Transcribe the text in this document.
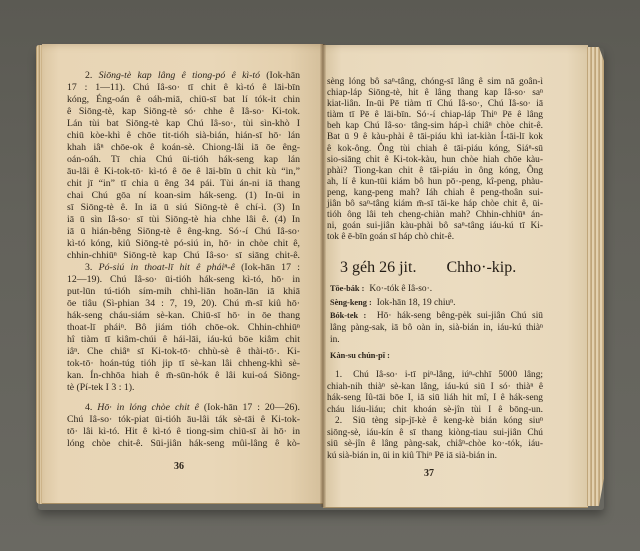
2. Siōng-tè kap lâng ê tiong-pó ê kì-tó (Iok-hān
17 : 1—11). Chú Iâ-so· tī chit ê kì-tó ê lāi-bīn
kóng, Éng-oán ê oáh-miā, chiū-sī bat lí tók-it chin
ê Siōng-tè, kap Siōng-tè só· chhe ê Iâ-so· Ki-tok.
Lán tùi bat Siōng-tè kap Chú Iâ-so·, tùi sìn-khò I
chiū kòe-khì ê chōe tit-tióh sià-bián, hián-sī hō· lán
khah iâⁿ chōe-ok ê koán-sè. Chiong-lâi iā ōe êng-
oán-oáh. Tī chia Chú ūi-tióh hák-seng kap lán
āu-lâi ê Ki-tok-tō· kì-tó ê ōe ê lāi-bīn ū chit kù “in,”
chit jī “in” tī chia ū êng 34 pái. Tùi án-ni iā thang
chai Chú gōa ní koan-sim hák-seng. (1) In-ūi in
sī Siōng-tè ê. In iā ū siú Siōng-tè ê chí-ì. (3) In
iā ū sìn Iâ-so· sī tùi Siōng-tè hia chhe lâi ê. (4) In
iā ū hián-bêng Siōng-tè ê êng-kng. Só·-í Chú Iâ-so·
kì-tó kóng, kiû Siōng-tè pó-siú in, hō· in chòe chit ê,
chhin-chhiūⁿ Siōng-tè kap Chú Iâ-so· sī siāng chit-ê.
3. Pó-siú in thoat-lī hit ê pháiⁿ-ê (Iok-hān 17 :
12—19). Chú Iâ-so· ūi-tióh hák-seng kì-tó, hō· in
put-lūn tú-tióh sím-mih chhì-liān hoān-lān iā khiā
ōe tiâu (Sì-phian 34 : 7, 19, 20). Chú m̄-sī kiû hō·
hák-seng cháu-siám sè-kan. Chiū-sī hō· in ōe thang
thoat-lī pháiⁿ. Bô jiám tióh chōe-ok. Chhin-chhiūⁿ
hî tiàm tī kiâm-chúi ê hái-lāi, iáu-kú bōe kiâm chit
iâⁿ. Che chiâⁿ sī Ki-tok-tō· chhù-sè ê thài-tō·. Ki-
tok-tō· hoán-túg tióh jip tī sè-kan lâi chheng-khì sè-
kan. Ín-chhōa hiah ê m̄-sūn-hók ê lâi kui-oá Siōng-
tè (Pí-tek I 3 : 1).
4. Hō· in lóng chòe chit ê (Iok-hān 17 : 20—26).
Chú Iâ-so· tók-piat ūi-tióh āu-lâi ták sè-tāi ê Ki-tok-
tō· lâi kì-tó. Hit ê kì-tó ê tiong-sim chiū-sī ài hō· in
lóng chòe chit-ê. Sūi-jiân hák-seng mûi-lâng ê kò-
36
sèng lóng bô saⁿ-tâng, chóng-sī lâng ê sim nā goân-ì
chiap-láp Siōng-tè, hit ê lâng thang kap Iâ-so· saⁿ
kiat-liân. In-ūi Pē tiàm tī Chú Iâ-so·, Chú Iâ-so· iā
tiàm tī Pē ê lāi-bīn. Só·-í chiap-láp Thiⁿ Pē ê lâng
beh kap Chú Iâ-so· tâng-sim háp-ì chiâⁿ chòe chit-ê.
Bat ū 9 ê kàu-phài ê tāi-piáu khì iat-kiàn Í-tāi-lī kok
ê kok-ông. Ông tùi chiah ê tāi-piáu kóng, Siáⁿ-sū
sio-siāng chit ê Ki-tok-kàu, hun chòe hiah chōe kàu-
phài? Tiong-kan chit ê tāi-piáu ìn ông kóng, Ông
ah, lí ê kun-tūi kiám bô hun pō·-peng, kî-peng, phàu-
peng, kang-peng mah? Iáh chiah ê peng-thoân sui-
jiân bô saⁿ-tâng kiám m̄-sī tāi-ke háp chòe chit ê, ūi-
tióh ông lâi teh cheng-chiàn mah? Chhin-chhiūⁿ án-
ni, goán sui-jiân kàu-phài bô saⁿ-tâng iáu-kú tī Ki-
tok ê ē-bīn goán sī háp chò chit-ê.
3 géh 26 jit. Chho·-kip.
Tōe-bák : Ko·-tók ê Iâ-so·.
Sèng-keng : Iok-hān 18, 19 chiuⁿ.
Bók-tek : Hō· hák-seng bêng-pėk sui-jiân Chú siū
lâng pàng-sak, iā bô oàn in, sià-bián in, iáu-kú thiàⁿ
in.
Kàn-su chún-pī :
1. Chú Iâ-so· i-tī piⁿ-lâng, iúⁿ-chhī 5000 lâng;
chiah-nih thiàⁿ sè-kan lâng, iáu-kú siū I só· thiàⁿ ê
hák-seng Iû-tāi bōe I, iā siū liáh hit mî, I ê hák-seng
cháu liáu-liáu; chit khoán sè-jîn tùi I ê bōng-un.
2. Siū tèng sip-jī-kè ê keng-kè bián kóng siuⁿ
siōng-sè, iáu-kín ê sī thang kiòng-tiau sui-jiân Chú
siū sè-jîn ê lâng pàng-sak, chiâⁿ-chòe ko·-tók, iáu-
kú sià-bián in, ūi in kiû Thiⁿ Pē iā sià-bián in.
37
